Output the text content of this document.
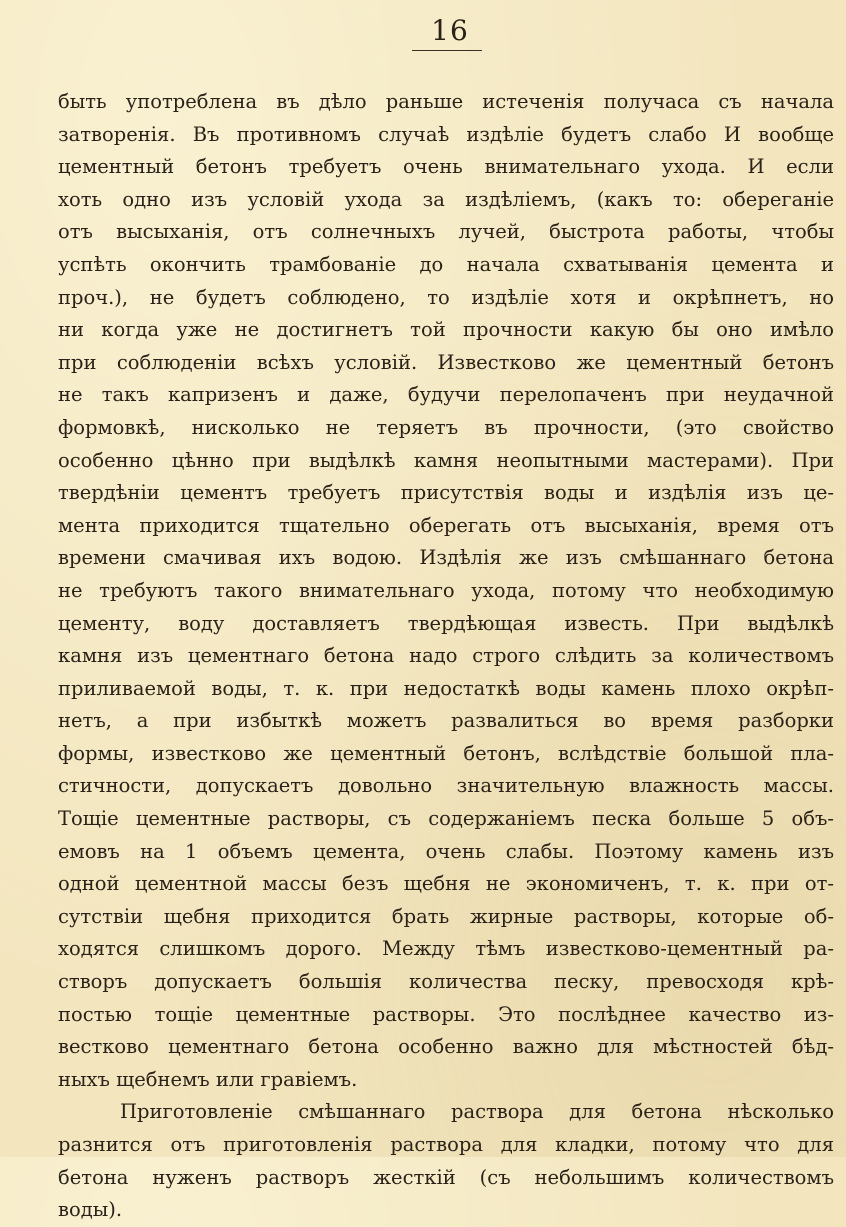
16
быть употреблена въ дѣло раньше истеченія получаса съ начала
затворенія. Въ противномъ случаѣ издѣліе будетъ слабо И вообще
цементный бетонъ требуетъ очень внимательнаго ухода. И если
хоть одно изъ условій ухода за издѣліемъ, (какъ то: обереганіе
отъ высыханія, отъ солнечныхъ лучей, быстрота работы, чтобы
успѣть окончить трамбованіе до начала схватыванія цемента и
проч.), не будетъ соблюдено, то издѣліе хотя и окрѣпнетъ, но
ни когда уже не достигнетъ той прочности какую бы оно имѣло
при соблюденіи всѣхъ условій. Известково же цементный бетонъ
не такъ капризенъ и даже, будучи перелопаченъ при неудачной
формовкѣ, нисколько не теряетъ въ прочности, (это свойство
особенно цѣнно при выдѣлкѣ камня неопытными мастерами). При
твердѣніи цементъ требуетъ присутствія воды и издѣлія изъ це-
мента приходится тщательно оберегать отъ высыханія, время отъ
времени смачивая ихъ водою. Издѣлія же изъ смѣшаннаго бетона
не требуютъ такого внимательнаго ухода, потому что необходимую
цементу, воду доставляетъ твердѣющая известь. При выдѣлкѣ
камня изъ цементнаго бетона надо строго слѣдить за количествомъ
приливаемой воды, т. к. при недостаткѣ воды камень плохо окрѣп-
нетъ, а при избыткѣ можетъ развалиться во время разборки
формы, известково же цементный бетонъ, вслѣдствіе большой пла-
стичности, допускаетъ довольно значительную влажность массы.
Тощіе цементные растворы, съ содержаніемъ песка больше 5 объ-
емовъ на 1 объемъ цемента, очень слабы. Поэтому камень изъ
одной цементной массы безъ щебня не экономиченъ, т. к. при от-
сутствіи щебня приходится брать жирные растворы, которые об-
ходятся слишкомъ дорого. Между тѣмъ известково-цементный ра-
створъ допускаетъ большія количества песку, превосходя крѣ-
постью тощіе цементные растворы. Это послѣднее качество из-
вестково цементнаго бетона особенно важно для мѣстностей бѣд-
ныхъ щебнемъ или гравіемъ.
Приготовленіе смѣшаннаго раствора для бетона нѣсколько
разнится отъ приготовленія раствора для кладки, потому что для
бетона нуженъ растворъ жесткій (съ небольшимъ количествомъ
воды).
